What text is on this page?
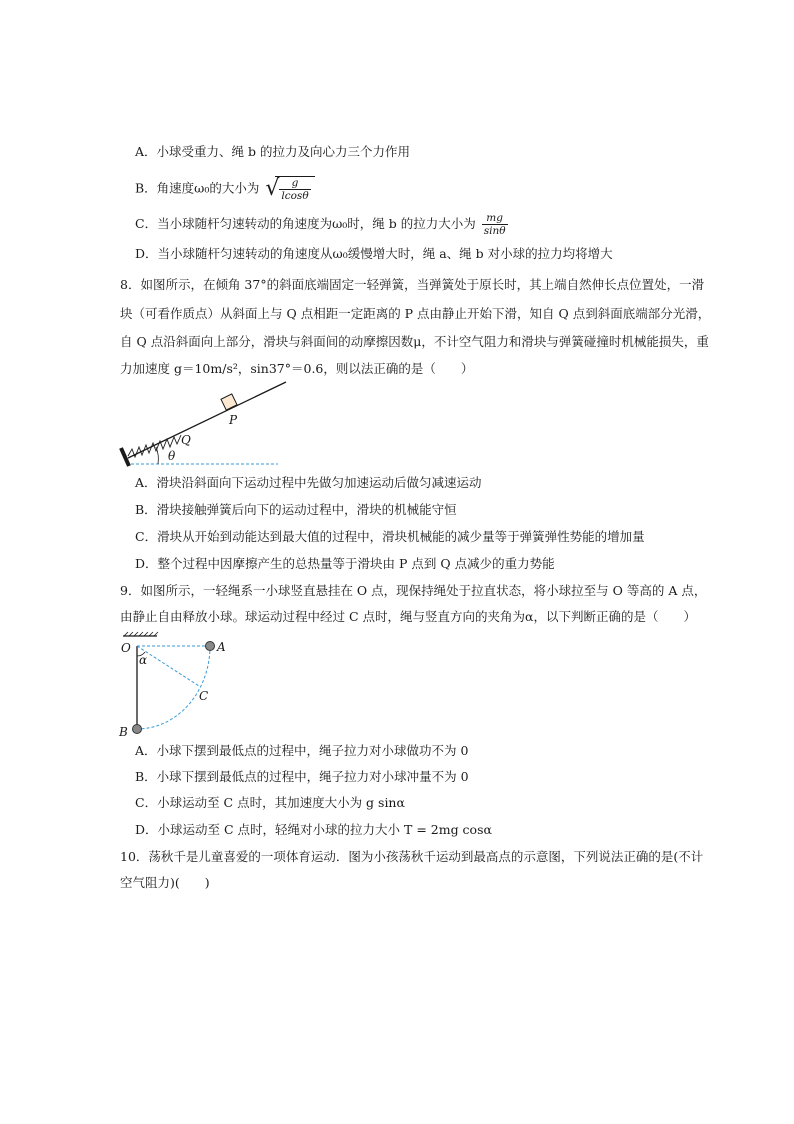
A．小球受重力、绳 b 的拉力及向心力三个力作用
B．角速度ω₀的大小为 √ $\frac{g}{lcos\theta}$
C．当小球随杆匀速转动的角速度为ω₀时，绳 b 的拉力大小为 $\frac{mg}{\sin\theta}$
D．当小球随杆匀速转动的角速度从ω₀缓慢增大时，绳 a、绳 b 对小球的拉力均将增大
8．如图所示，在倾角 37°的斜面底端固定一轻弹簧，当弹簧处于原长时，其上端自然伸长点位置处，一滑
块（可看作质点）从斜面上与 Q 点相距一定距离的 P 点由静止开始下滑，知自 Q 点到斜面底端部分光滑，
自 Q 点沿斜面向上部分，滑块与斜面间的动摩擦因数μ，不计空气阻力和滑块与弹簧碰撞时机械能损失，重
力加速度 g＝10m/s²，sin37°＝0.6，则以法正确的是（　　）
P
Q
θ
A．滑块沿斜面向下运动过程中先做匀加速运动后做匀减速运动
B．滑块接触弹簧后向下的运动过程中，滑块的机械能守恒
C．滑块从开始到动能达到最大值的过程中，滑块机械能的减少量等于弹簧弹性势能的增加量
D．整个过程中因摩擦产生的总热量等于滑块由 P 点到 Q 点减少的重力势能
9．如图所示，一轻绳系一小球竖直悬挂在 O 点，现保持绳处于拉直状态，将小球拉至与 O 等高的 A 点，
由静止自由释放小球。球运动过程中经过 C 点时，绳与竖直方向的夹角为α，以下判断正确的是（　　）
O	A
α
C
B
A．小球下摆到最低点的过程中，绳子拉力对小球做功不为 0
B．小球下摆到最低点的过程中，绳子拉力对小球冲量不为 0
C．小球运动至 C 点时，其加速度大小为 g sinα
D．小球运动至 C 点时，轻绳对小球的拉力大小 T = 2mg cosα
10．荡秋千是儿童喜爱的一项体育运动．图为小孩荡秋千运动到最高点的示意图，下列说法正确的是(不计
空气阻力)(　　)
